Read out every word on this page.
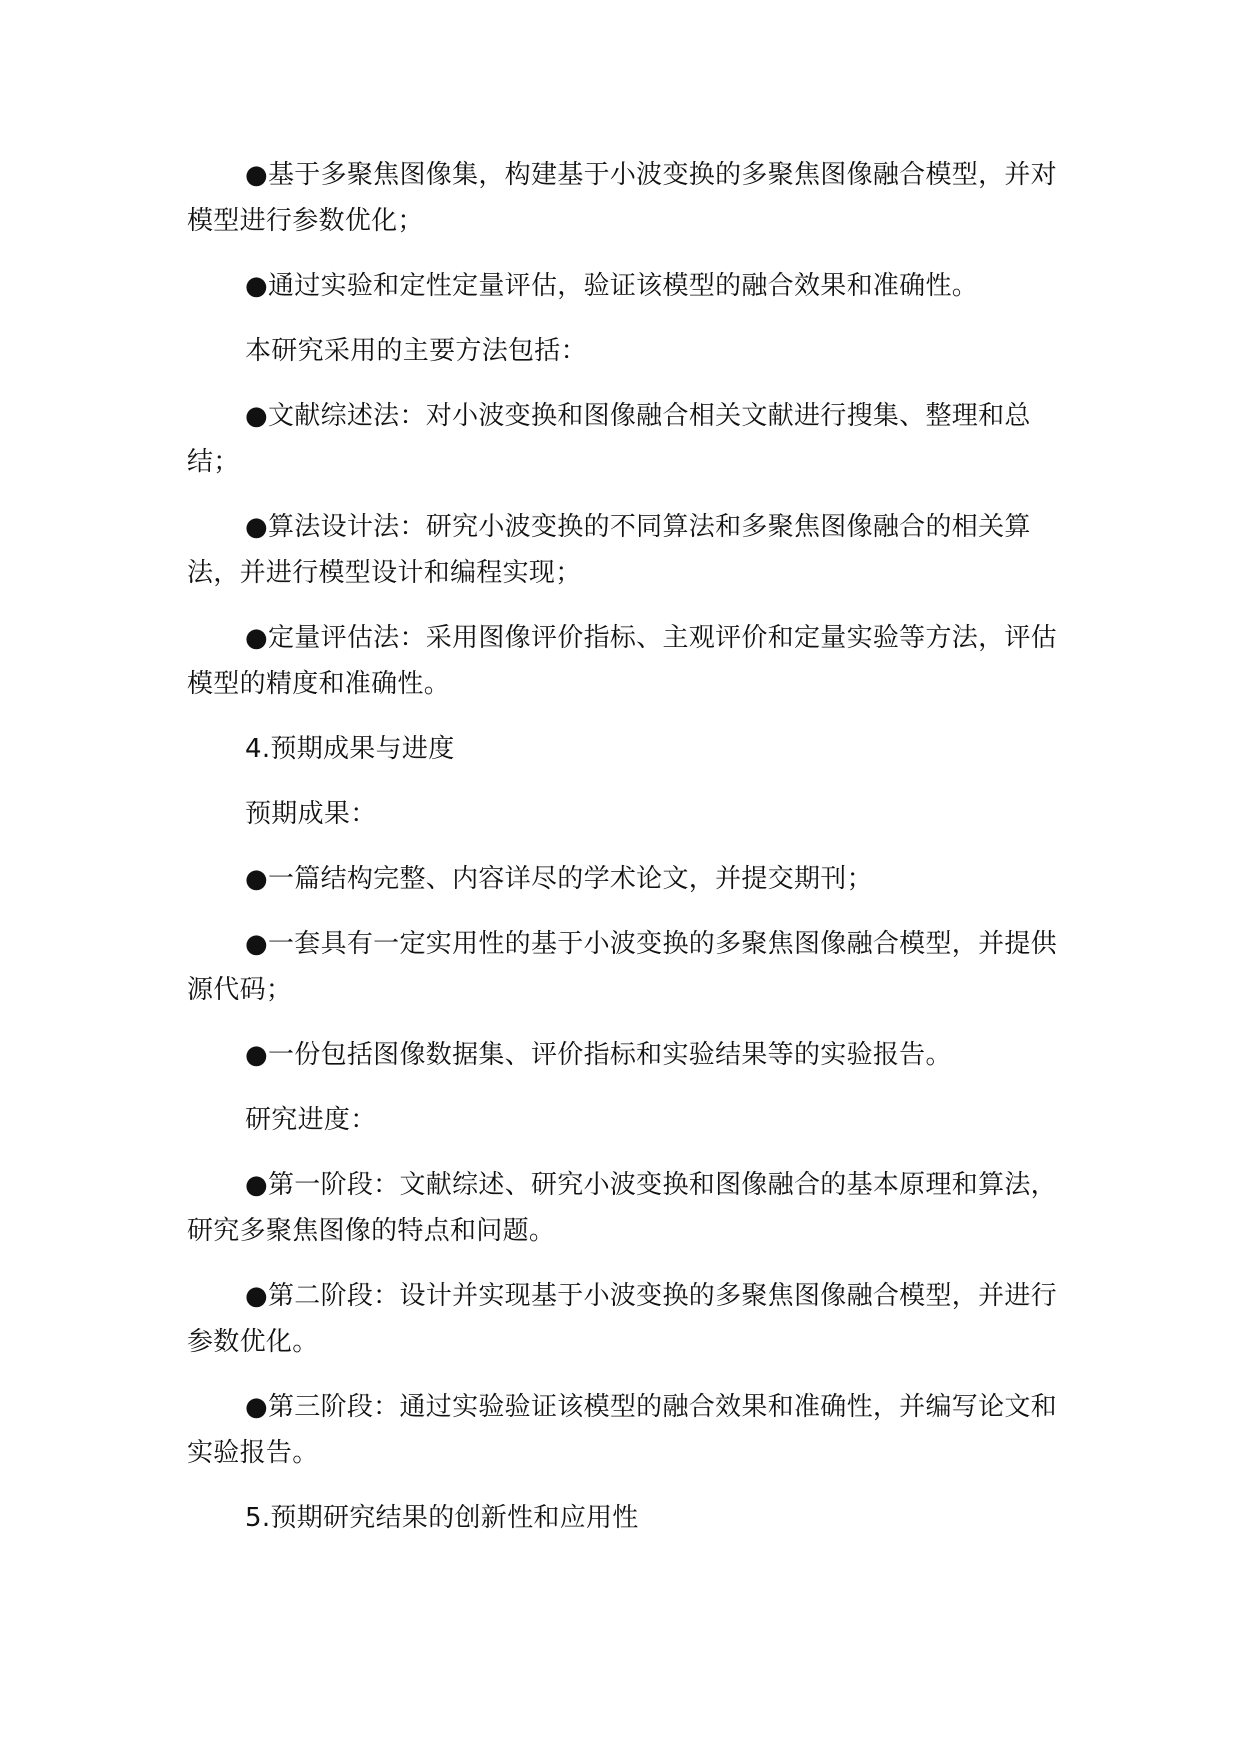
●基于多聚焦图像集，构建基于小波变换的多聚焦图像融合模型，并对模型进行参数优化；

●通过实验和定性定量评估，验证该模型的融合效果和准确性。

本研究采用的主要方法包括：

●文献综述法：对小波变换和图像融合相关文献进行搜集、整理和总结；

●算法设计法：研究小波变换的不同算法和多聚焦图像融合的相关算法，并进行模型设计和编程实现；

●定量评估法：采用图像评价指标、主观评价和定量实验等方法，评估模型的精度和准确性。

4.预期成果与进度

预期成果：

●一篇结构完整、内容详尽的学术论文，并提交期刊；

●一套具有一定实用性的基于小波变换的多聚焦图像融合模型，并提供源代码；

●一份包括图像数据集、评价指标和实验结果等的实验报告。

研究进度：

●第一阶段：文献综述、研究小波变换和图像融合的基本原理和算法，研究多聚焦图像的特点和问题。

●第二阶段：设计并实现基于小波变换的多聚焦图像融合模型，并进行参数优化。

●第三阶段：通过实验验证该模型的融合效果和准确性，并编写论文和实验报告。

5.预期研究结果的创新性和应用性
